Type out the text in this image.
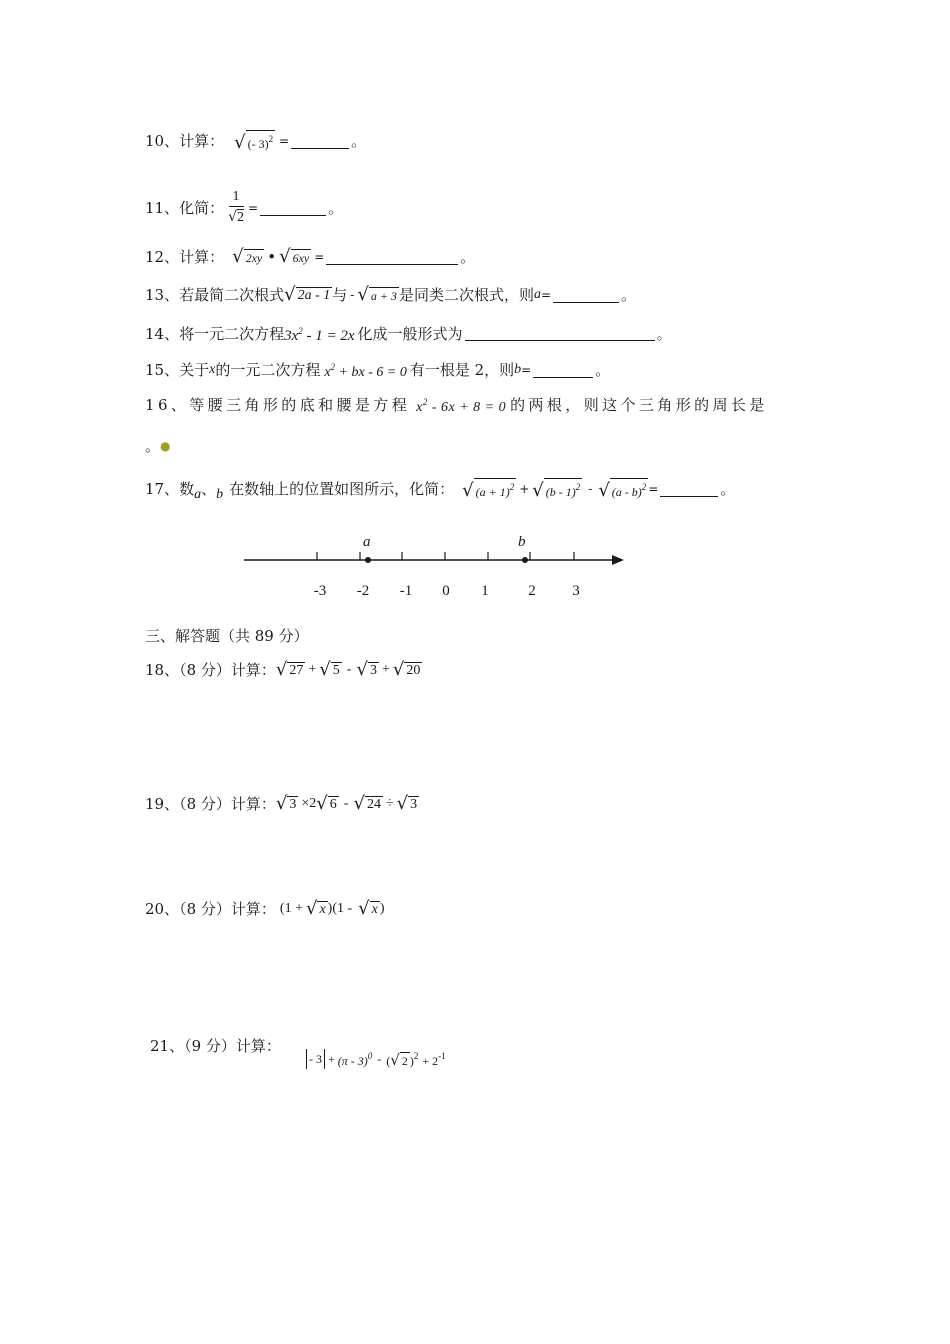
10、计算： √ (- 3)$^2$ =	。
11、化简： $\frac{1}{√2}$ =	。
12、计算： √ 2xy • √ 6xy =	。
13、若最简 二次根式 √ 2a - 1 与 - √ a + 3 是同类二次根式，则 a =	。
14、将一元二次方程 $3x^2 - 1 = 2x$ 化成一般形式为	。
15、关于 x 的一元二次方程 $x^2$ + bx - 6 = 0 有一根是 2，则 b =	。
16、等腰三角形的底和腰是方程 $x^2 - 6x + 8 = 0$ 的 两根，则这个三角形的周长是
。 ●
17、数 a 、 b 在数轴上的位置如图所示，化简： √ $(a + 1)^2$ + √ (b - 1)$^2$ - √ (a - b)$^2$ =	。
-3 -2 -1 0 1	2 3
a	b
三、解答题（共 89 分）
18、（8 分）计算： √ 27 + √ 5 - √ 3 + √ 20
19、（8 分）计算： √ 3 ×2 √ 6 - √ 24 ÷ √ 3
20、（8 分）计算： (1 + √ x )(1 - √ x )
21、（9 分）计算：
- 3 + (π - 3)$^0$ - ( √ 2 )$^2 + 2^{-1}$
